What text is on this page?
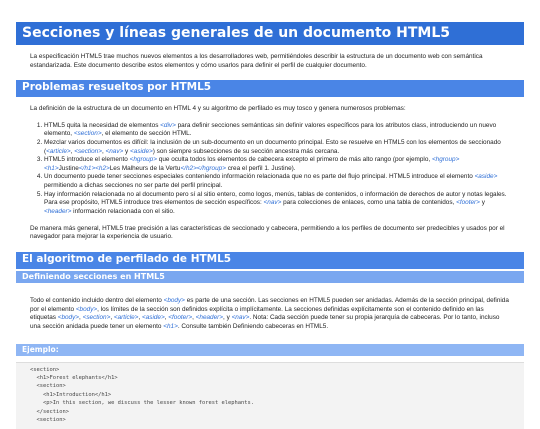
Secciones y líneas generales de un documento HTML5

La especificación HTML5 trae muchos nuevos elementos a los desarrolladores web, permitiéndoles describir la estructura de un documento web con semántica estandarizada. Este documento describe estos elementos y cómo usarlos para definir el perfil de cualquier documento.

Problemas resueltos por HTML5

La definición de la estructura de un documento en HTML 4 y su algoritmo de perfilado es muy tosco y genera numerosos problemas:

1. HTML5 quita la necesidad de elementos <div> para definir secciones semánticas sin definir valores específicos para los atributos class, introduciendo un nuevo elemento, <section>, el elemento de sección HTML.
2. Mezclar varios documentos es difícil: la inclusión de un sub-documento en un documento principal. Esto se resuelve en HTML5 con los elementos de seccionado (<article>, <section>, <nav> y <aside>) son siempre subsecciones de su sección ancestra más cercana.
3. HTML5 introduce el elemento <hgroup> que oculta todos los elementos de cabecera excepto el primero de más alto rango (por ejemplo, <hgroup><h1>Justine</h1><h2>Les Malheurs de la Vertu</h2></hgroup> crea el perfil 1. Justine).
4. Un documento puede tener secciones especiales conteniendo información relacionada que no es parte del flujo principal. HTML5 introduce el elemento <aside> permitiendo a dichas secciones no ser parte del perfil principal.
5. Hay información relacionada no al documento pero sí al sitio entero, como logos, menús, tablas de contenidos, o información de derechos de autor y notas legales. Para ese propósito, HTML5 introduce tres elementos de sección específicos: <nav> para colecciones de enlaces, como una tabla de contenidos, <footer> y <header> información relacionada con el sitio.

De manera más general, HTML5 trae precisión a las características de seccionado y cabecera, permitiendo a los perfiles de documento ser predecibles y usados por el navegador para mejorar la experiencia de usuario.

El algoritmo de perfilado de HTML5
Definiendo secciones en HTML5

Todo el contenido incluido dentro del elemento <body> es parte de una sección. Las secciones en HTML5 pueden ser anidadas. Además de la sección principal, definida por el elemento <body>, los límites de la sección son definidos explícita o implícitamente. La secciones definidas explícitamente son el contenido definido en las etiquetas <body>, <section>, <article>, <aside>, <footer>, <header>, y <nav>. Nota: Cada sección puede tener su propia jerarquía de cabeceras. Por lo tanto, incluso una sección anidada puede tener un elemento <h1>. Consulte también Definiendo cabeceras en HTML5.

Ejemplo:
<section>
<h1>Forest elephants</h1>
<section>
<h1>Introduction</h1>
<p>In this section, we discuss the lesser known forest elephants.
</section>
<section>
